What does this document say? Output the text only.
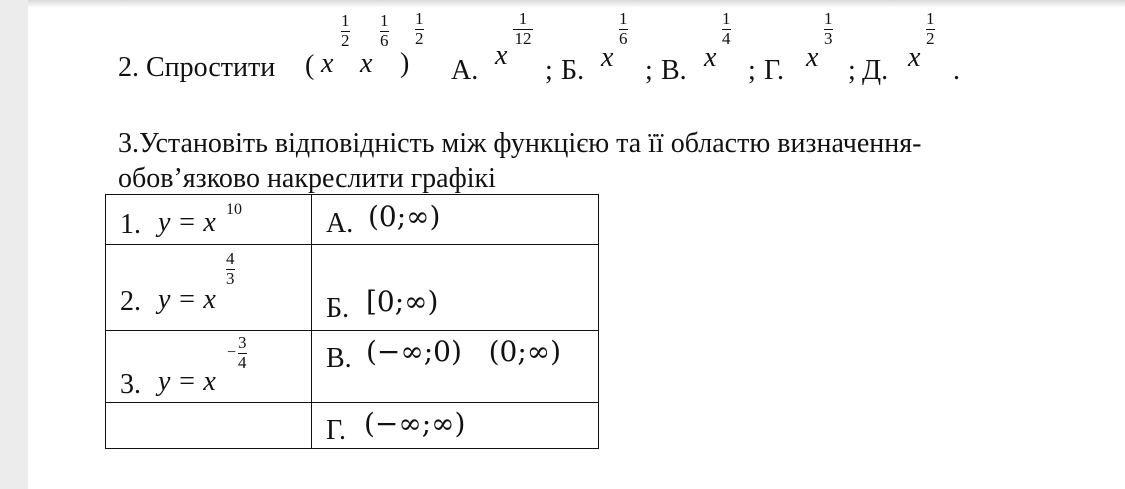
2. Спростити ( x
1
2
x
1
6
)
1
2
А. x
1
12
; Б. x
1
6
; В. x
1
4
; Г. x
1
3
; Д. x
1
2
.
3.Установіть відповідність між функцією та її областю визначення-
обов’язково накреслити графікі
1. y = x 10	А. (0;∞)

2. y = x
4
3	Б. [0;∞)

3. y = x
−
3
4	В. (−∞;0)   (0;∞)

	Г. (−∞;∞)
